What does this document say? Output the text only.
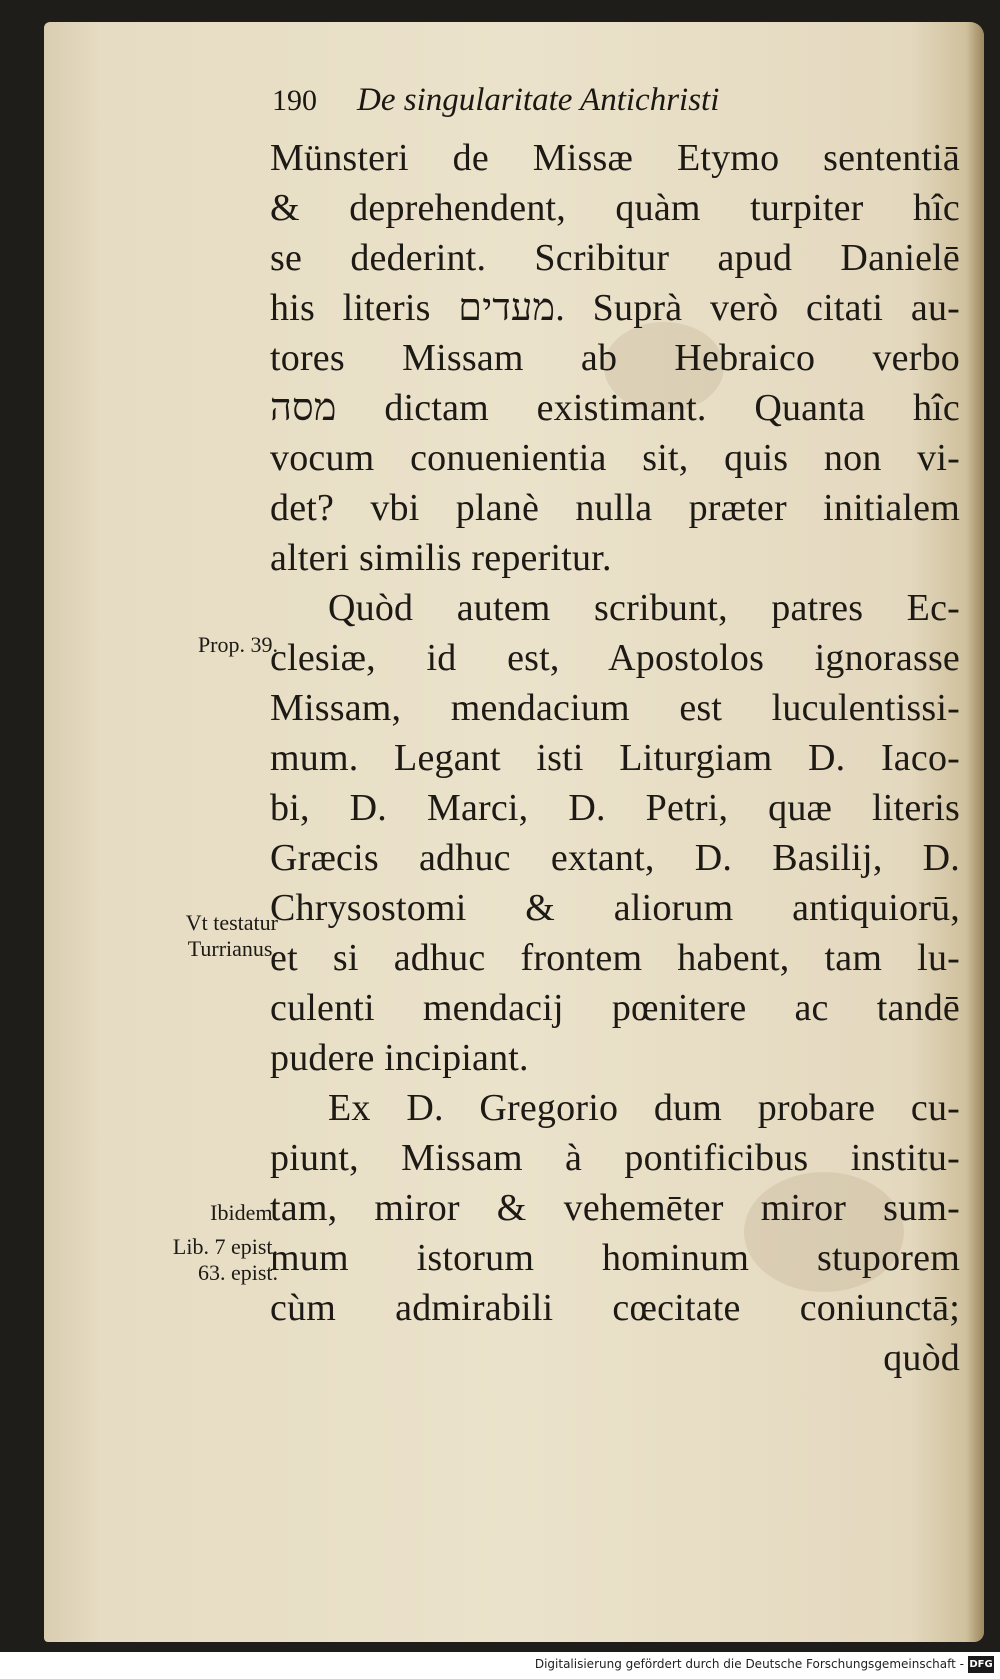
190 De singularitate Antichristi
Münsteri de Missæ Etymo sententiā
& deprehendent, quàm turpiter hîc
se dederint. Scribitur apud Danielē
his literis מעדים. Suprà verò citati au-
tores Missam ab Hebraico verbo
מסה dictam existimant. Quanta hîc
vocum conuenientia sit, quis non vi-
det? vbi planè nulla præter initialem
alteri similis reperitur.
Quòd autem scribunt, patres Ec-
clesiæ, id est, Apostolos ignorasse
Missam, mendacium est luculentissi-
mum. Legant isti Liturgiam D. Iaco-
bi, D. Marci, D. Petri, quæ literis
Græcis adhuc extant, D. Basilij, D.
Chrysostomi & aliorum antiquiorū,
et si adhuc frontem habent, tam lu-
culenti mendacij pœnitere ac tandē
pudere incipiant.
Ex D. Gregorio dum probare cu-
piunt, Missam à pontificibus institu-
tam, miror & vehemēter miror sum-
mum istorum hominum stuporem
cùm admirabili cœcitate coniunctā;
quòd
Prop. 39.
Vt testatur
Turrianus.
Ibidem.
Lib. 7 epist.
63. epist.
Digitalisierung gefördert durch die Deutsche Forschungsgemeinschaft - DFG
